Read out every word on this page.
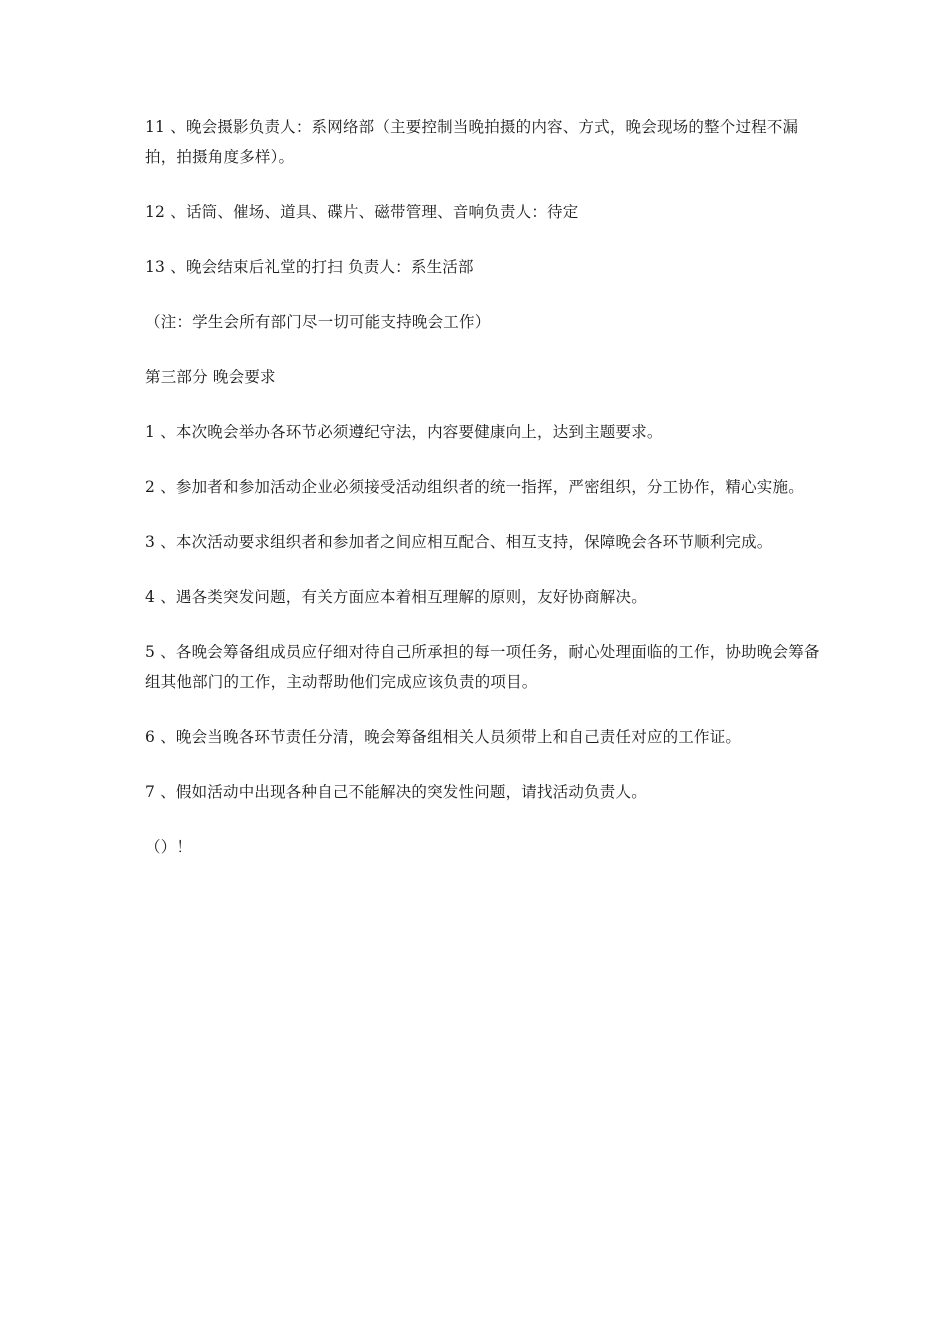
11 、晚会摄影负责人：系网络部（主要控制当晚拍摄的内容、方式，晚会现场的整个过程不漏拍，拍摄角度多样）。

12 、话筒、催场、道具、碟片、磁带管理、音响负责人：待定

13 、晚会结束后礼堂的打扫 负责人：系生活部

（注：学生会所有部门尽一切可能支持晚会工作）

第三部分 晚会要求

1 、本次晚会举办各环节必须遵纪守法，内容要健康向上，达到主题要求。

2 、参加者和参加活动企业必须接受活动组织者的统一指挥，严密组织，分工协作，精心实施。

3 、本次活动要求组织者和参加者之间应相互配合、相互支持，保障晚会各环节顺利完成。

4 、遇各类突发问题，有关方面应本着相互理解的原则，友好协商解决。

5 、各晚会筹备组成员应仔细对待自己所承担的每一项任务，耐心处理面临的工作，协助晚会筹备组其他部门的工作，主动帮助他们完成应该负责的项目。

6 、晚会当晚各环节责任分清，晚会筹备组相关人员须带上和自己责任对应的工作证。

7 、假如活动中出现各种自己不能解决的突发性问题，请找活动负责人。

（）！
